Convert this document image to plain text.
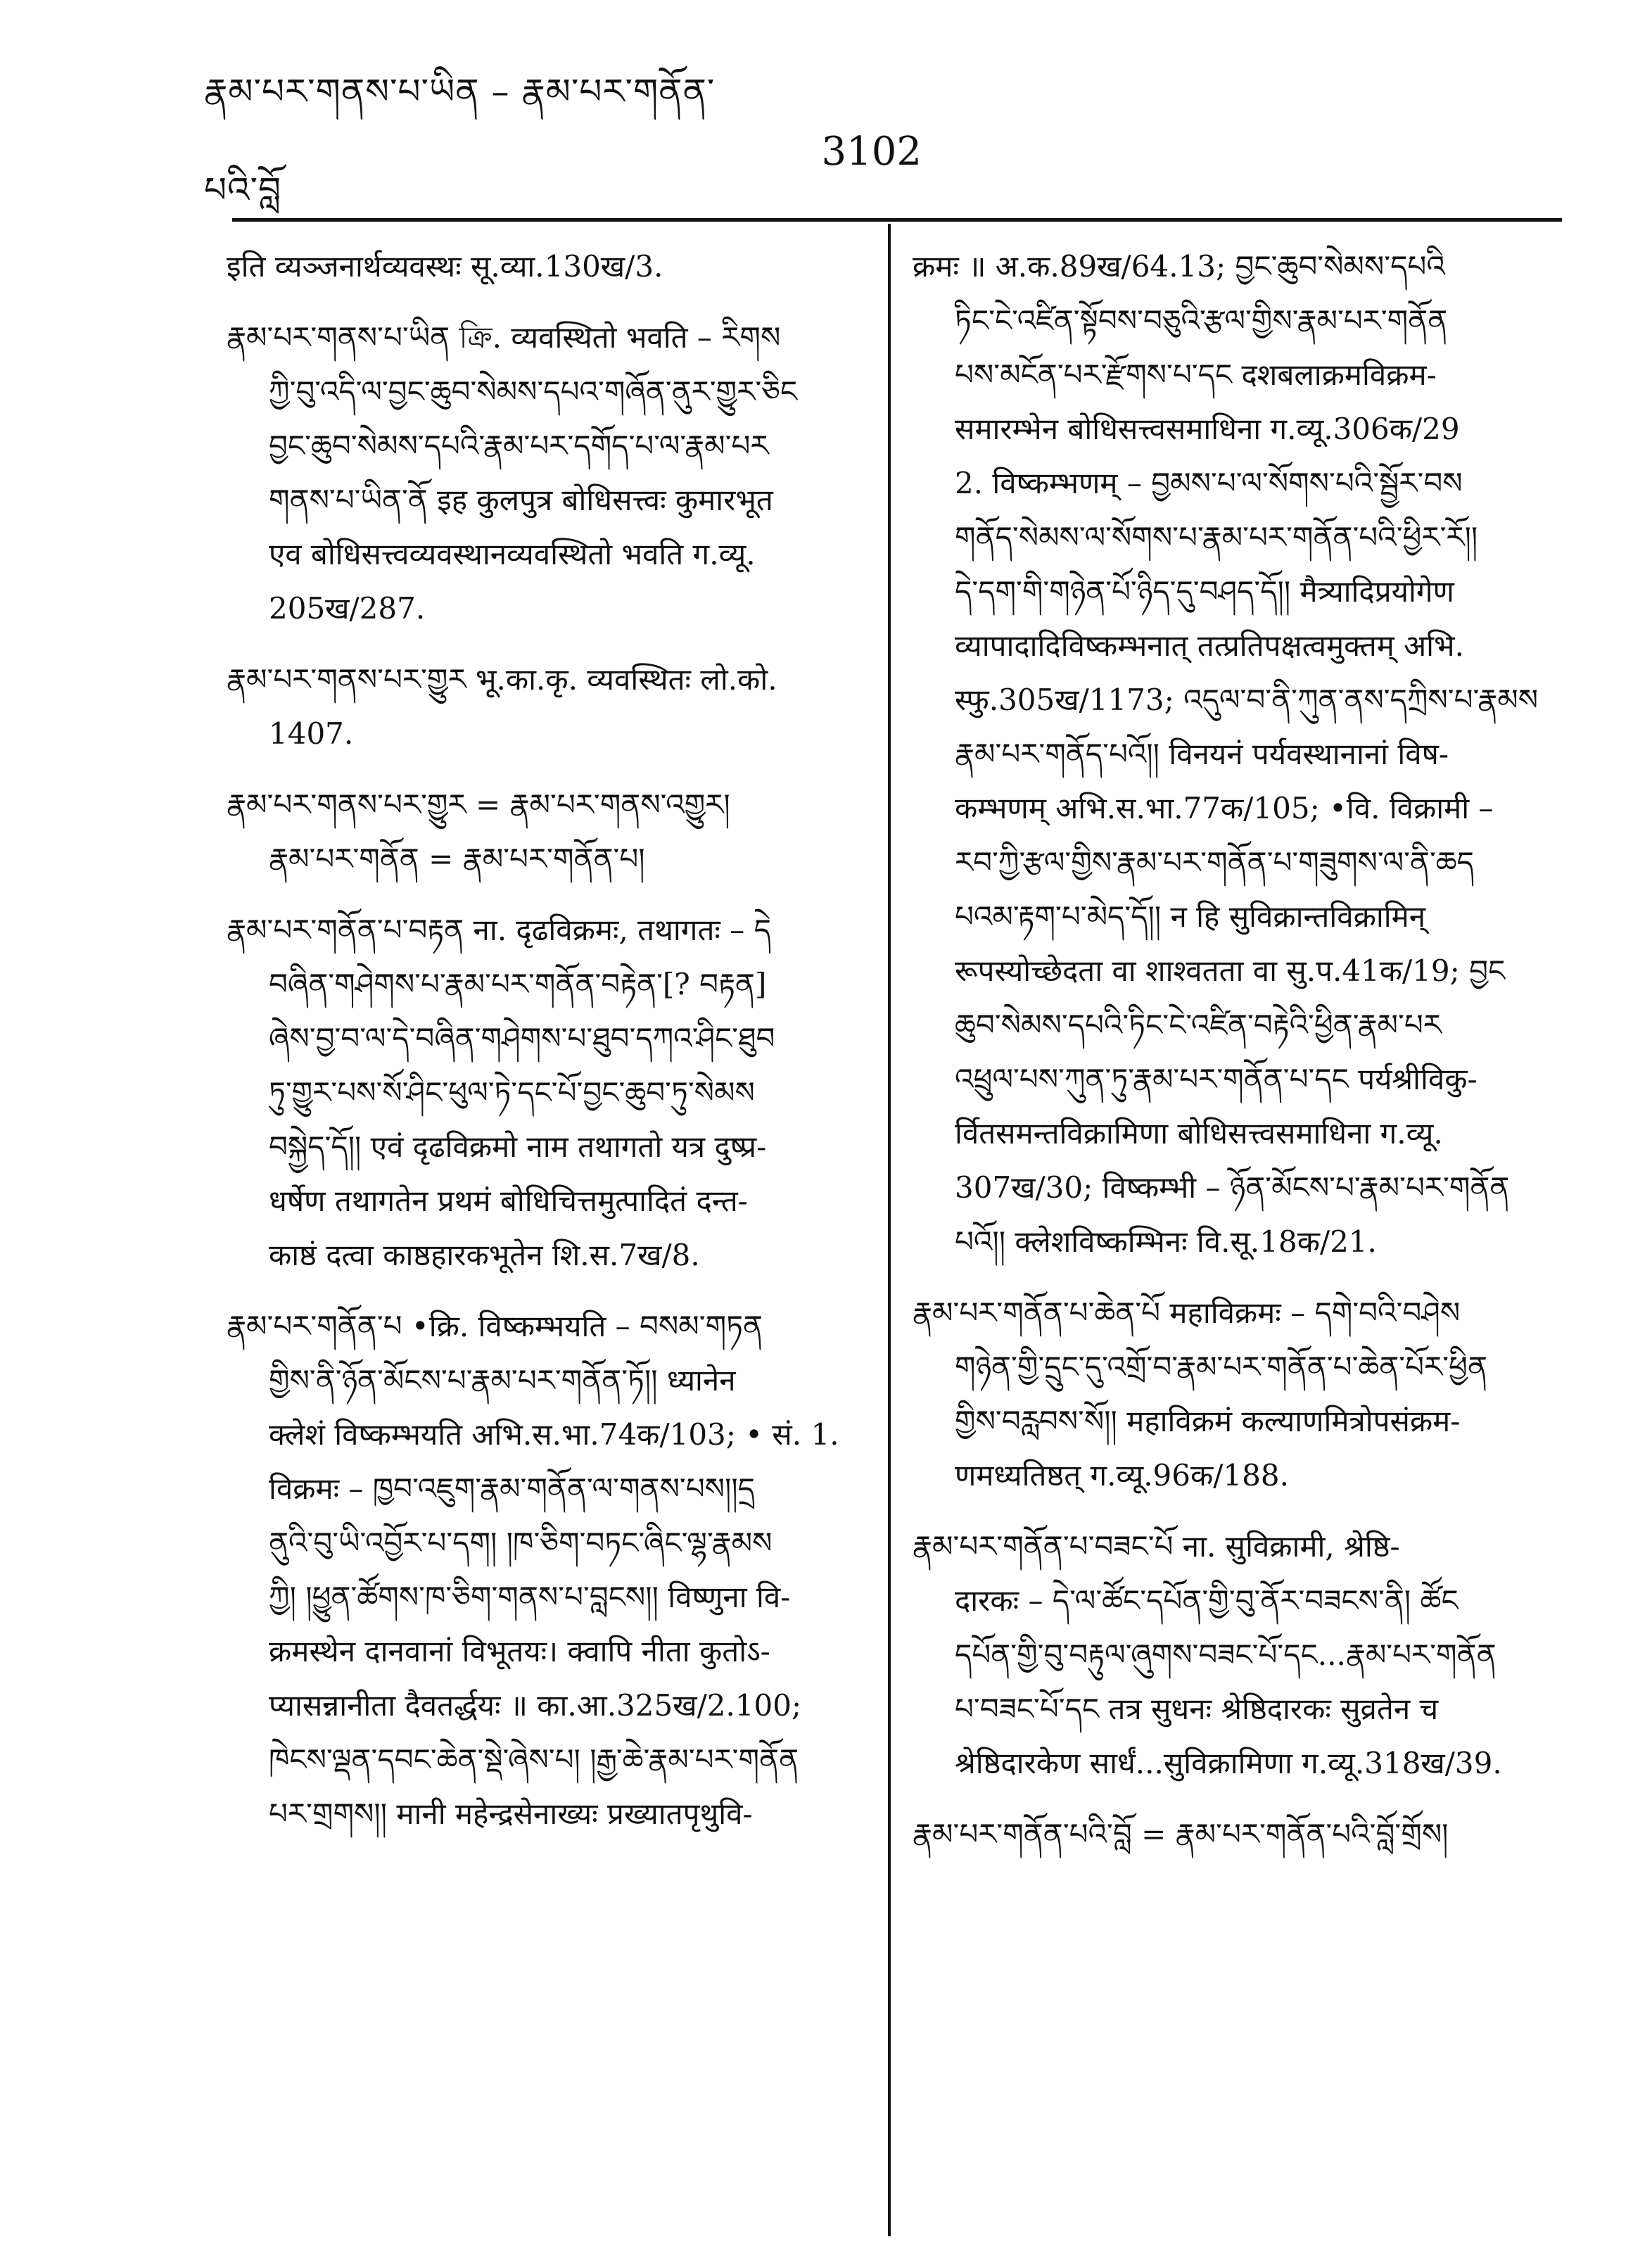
རྣམ་པར་གནས་པ་ཡིན – རྣམ་པར་གནོན་པའི་བློ
3102
इति व्यञ्जनार्थव्यवस्थः सू.व्या.130ख/3.
རྣམ་པར་གནས་པ་ཡིན ক্রি. व्यवस्थितो भवति – རིགས
ཀྱི་བུ་འདི་ལ་བྱང་ཆུབ་སེམས་དཔའ་གཞོན་ནུར་གྱུར་ཅིང
བྱང་ཆུབ་སེམས་དཔའི་རྣམ་པར་དགོད་པ་ལ་རྣམ་པར
གནས་པ་ཡིན་ནོ इह कुलपुत्र बोधिसत्त्वः कुमारभूत
एव बोधिसत्त्वव्यवस्थानव्यवस्थितो भवति ग.व्यू.
205ख/287.
རྣམ་པར་གནས་པར་གྱུར भू.का.कृ. व्यवस्थितः लो.को.
1407.
རྣམ་པར་གནས་པར་གྱུར = རྣམ་པར་གནས་འགྱུར།
རྣམ་པར་གནོན = རྣམ་པར་གནོན་པ།
རྣམ་པར་གནོན་པ་བརྟན ना. दृढविक्रमः, तथागतः – དེ
བཞིན་གཤེགས་པ་རྣམ་པར་གནོན་བརྟེན་[? བརྟན]
ཞེས་བྱ་བ་ལ་དེ་བཞིན་གཤེགས་པ་ཐུབ་དཀའ་ཤིང་ཐུབ
ཏུ་གྱུར་པས་སོ་ཤིང་ཕུལ་ཏེ་དང་པོ་བྱང་ཆུབ་ཏུ་སེམས
བསྐྱེད་དོ།། एवं दृढविक्रमो नाम तथागतो यत्र दुष्प्र-
धर्षेण तथागतेन प्रथमं बोधिचित्तमुत्पादितं दन्त-
काष्ठं दत्वा काष्ठहारकभूतेन शि.स.7ख/8.
རྣམ་པར་གནོན་པ •क्रि. विष्कम्भयति – བསམ་གཏན
གྱིས་ནི་ཉོན་མོངས་པ་རྣམ་པར་གནོན་ཏོ།། ध्यानेन
क्लेशं विष्कम्भयति अभि.स.भा.74क/103; • सं. 1.
विक्रमः – ཁྱབ་འཇུག་རྣམ་གནོན་ལ་གནས་པས།།དྲ
ནུའི་བུ་ཡི་འབྱོར་པ་དག། །ཁ་ཅིག་བཏང་ཞིང་ལྷ་རྣམས
ཀྱི། །ཕྱུན་ཚོགས་ཁ་ཅིག་གནས་པ་བླངས།། विष्णुना वि-
क्रमस्थेन दानवानां विभूतयः। क्वापि नीता कुतोऽ-
प्यासन्नानीता दैवतर्द्धयः ॥ का.आ.325ख/2.100;
ཁེངས་ལྡན་དབང་ཆེན་སྡེ་ཞེས་པ། །རྒྱ་ཆེ་རྣམ་པར་གནོན
པར་གྲགས།། मानी महेन्द्रसेनाख्यः प्रख्यातपृथुवि-
क्रमः ॥ अ.क.89ख/64.13; བྱང་ཆུབ་སེམས་དཔའི
ཏིང་ངེ་འཛིན་སྟོབས་བཅུའི་རྩལ་གྱིས་རྣམ་པར་གནོན
པས་མངོན་པར་རྫོགས་པ་དང दशबलाक्रमविक्रम-
समारम्भेन बोधिसत्त्वसमाधिना ग.व्यू.306क/29
2. विष्कम्भणम् – བྱམས་པ་ལ་སོགས་པའི་སྦྱོར་བས
གནོད་སེམས་ལ་སོགས་པ་རྣམ་པར་གནོན་པའི་ཕྱིར་རོ།།
དེ་དག་གི་གཉེན་པོ་ཉིད་དུ་བཤད་དོ།། मैत्र्यादिप्रयोगेण
व्यापादादिविष्कम्भनात् तत्प्रतिपक्षत्वमुक्तम् अभि.
स्फु.305ख/1173; འདུལ་བ་ནི་ཀུན་ནས་དཀྲིས་པ་རྣམས
རྣམ་པར་གནོད་པའོ།། विनयनं पर्यवस्थानानां विष-
कम्भणम् अभि.स.भा.77क/105; •वि. विक्रामी –
རབ་ཀྱི་རྩལ་གྱིས་རྣམ་པར་གནོན་པ་གཟུགས་ལ་ནི་ཆད
པའམ་རྟག་པ་མེད་དོ།། न हि सुविक्रान्तविक्रामिन्
रूपस्योच्छेदता वा शाश्वतता वा सु.प.41क/19; བྱང
ཆུབ་སེམས་དཔའི་ཏིང་ངེ་འཛིན་བརྟེའི་ཕྱིན་རྣམ་པར
འཕྲུལ་པས་ཀུན་ཏུ་རྣམ་པར་གནོན་པ་དང पर्यश्रीविकु-
र्वितसमन्तविक्रामिणा बोधिसत्त्वसमाधिना ग.व्यू.
307ख/30; विष्कम्भी – ཉོན་མོངས་པ་རྣམ་པར་གནོན
པའོ།། क्लेशविष्कम्भिनः वि.सू.18क/21.
རྣམ་པར་གནོན་པ་ཆེན་པོ महाविक्रमः – དགེ་བའི་བཤེས
གཉེན་གྱི་དྲུང་དུ་འགྲོ་བ་རྣམ་པར་གནོན་པ་ཆེན་པོར་ཕྱིན
གྱིས་བརླབས་སོ།། महाविक्रमं कल्याणमित्रोपसंक्रम-
णमध्यतिष्ठत् ग.व्यू.96क/188.
རྣམ་པར་གནོན་པ་བཟང་པོ ना. सुविक्रामी, श्रेष्ठि-
दारकः – དེ་ལ་ཚོང་དཔོན་གྱི་བུ་ནོར་བཟངས་ནི། ཚོང
དཔོན་གྱི་བུ་བརྟུལ་ཞུགས་བཟང་པོ་དང...རྣམ་པར་གནོན
པ་བཟང་པོ་དང तत्र सुधनः श्रेष्ठिदारकः सुव्रतेन च
श्रेष्ठिदारकेण सार्धं...सुविक्रामिणा ग.व्यू.318ख/39.
རྣམ་པར་གནོན་པའི་བློ = རྣམ་པར་གནོན་པའི་བློ་གྲོས།
